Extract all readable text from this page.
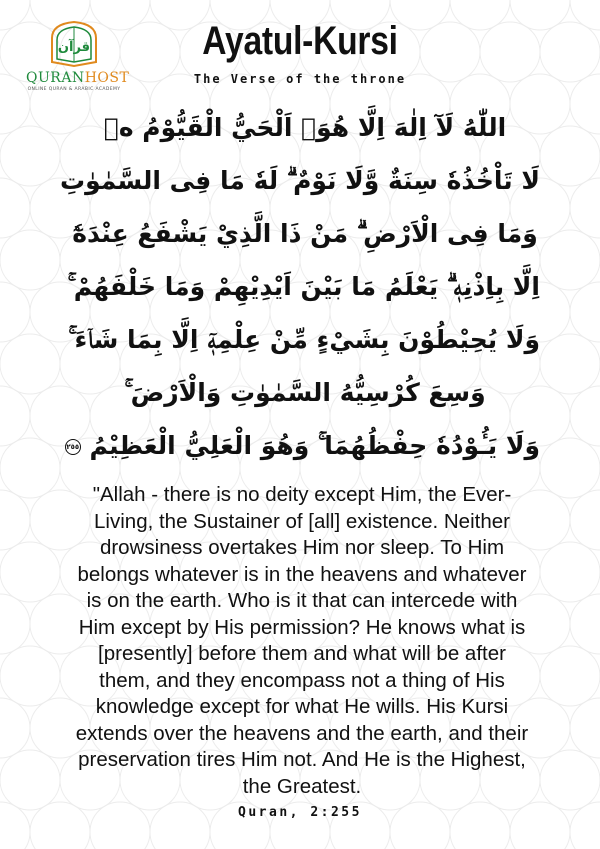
قرآن
QURANHOST
ONLINE QURAN & ARABIC ACADEMY
Ayatul-Kursi
The Verse of the throne
اللّٰهُ لَآ اِلٰهَ اِلَّا هُوَۚ اَلْحَيُّ الْقَيُّوْمُ ەۚ
لَا تَاْخُذُهٗ سِنَةٌ وَّلَا نَوْمٌ ۗ لَهٗ مَا فِى السَّمٰوٰتِ
وَمَا فِى الْاَرْضِ ۗ مَنْ ذَا الَّذِيْ يَشْفَعُ عِنْدَهٗٓ
اِلَّا بِاِذْنِهٖ ۗ يَعْلَمُ مَا بَيْنَ اَيْدِيْهِمْ وَمَا خَلْفَهُمْ ۚ
وَلَا يُحِيْطُوْنَ بِشَيْءٍ مِّنْ عِلْمِهٖٓ اِلَّا بِمَا شَاۤءَ ۚ
وَسِعَ كُرْسِيُّهُ السَّمٰوٰتِ وَالْاَرْضَ ۚ
وَلَا يَـُٔوْدُهٗ حِفْظُهُمَا ۚ وَهُوَ الْعَلِيُّ الْعَظِيْمُ ٢٥٥
"Allah - there is no deity except Him, the Ever-Living, the Sustainer of [all] existence. Neither drowsiness overtakes Him nor sleep. To Him belongs whatever is in the heavens and whatever is on the earth. Who is it that can intercede with Him except by His permission? He knows what is [presently] before them and what will be after them, and they encompass not a thing of His knowledge except for what He wills. His Kursi extends over the heavens and the earth, and their preservation tires Him not. And He is the Highest, the Greatest.
Quran, 2:255
